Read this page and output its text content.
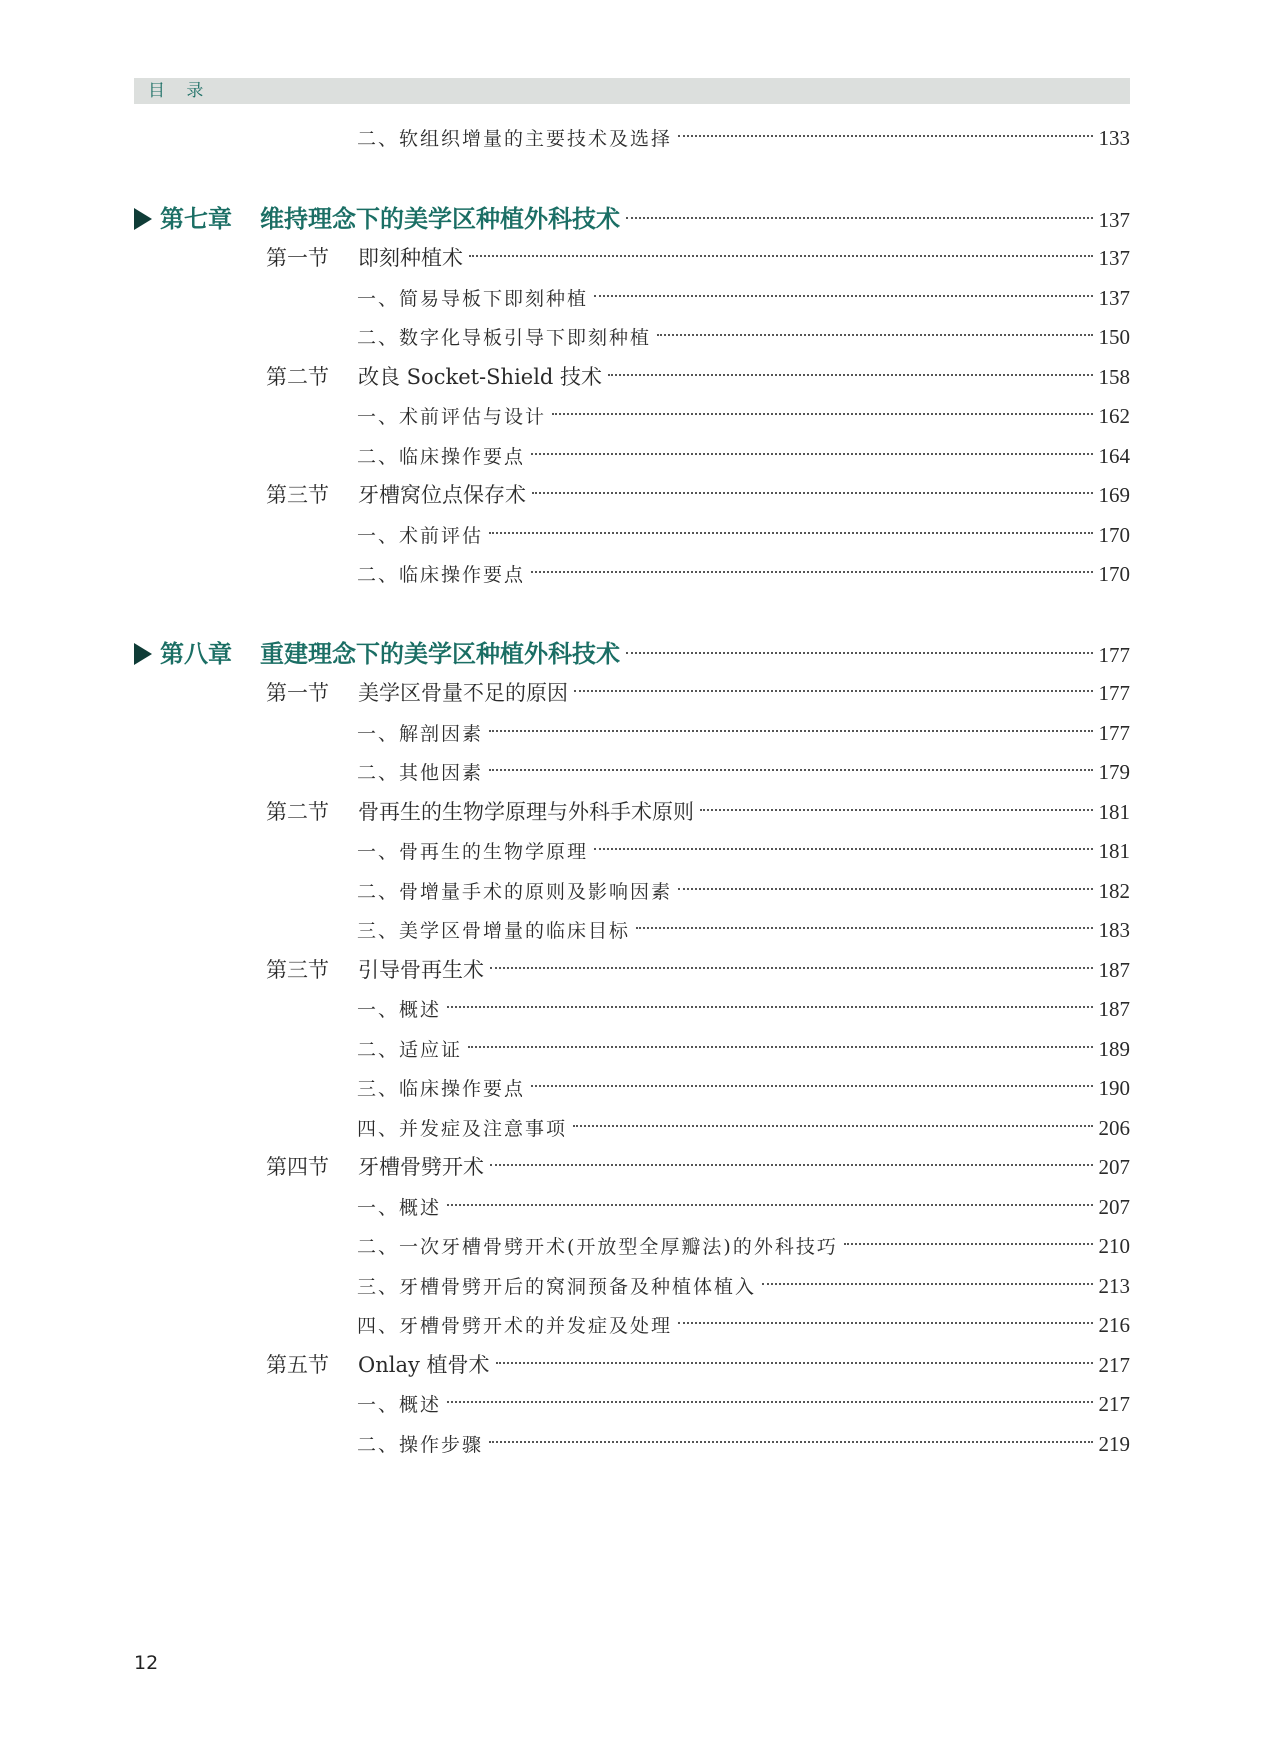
目 录
二、软组织增量的主要技术及选择	133
第七章 维持理念下的美学区种植外科技术	137
第一节 即刻种植术	137
一、简易导板下即刻种植	137
二、数字化导板引导下即刻种植	150
第二节 改良 Socket-Shield 技术	158
一、术前评估与设计	162
二、临床操作要点	164
第三节 牙槽窝位点保存术	169
一、术前评估	170
二、临床操作要点	170
第八章 重建理念下的美学区种植外科技术	177
第一节 美学区骨量不足的原因	177
一、解剖因素	177
二、其他因素	179
第二节 骨再生的生物学原理与外科手术原则	181
一、骨再生的生物学原理	181
二、骨增量手术的原则及影响因素	182
三、美学区骨增量的临床目标	183
第三节 引导骨再生术	187
一、概述	187
二、适应证	189
三、临床操作要点	190
四、并发症及注意事项	206
第四节 牙槽骨劈开术	207
一、概述	207
二、一次牙槽骨劈开术(开放型全厚瓣法)的外科技巧	210
三、牙槽骨劈开后的窝洞预备及种植体植入	213
四、牙槽骨劈开术的并发症及处理	216
第五节 Onlay 植骨术	217
一、概述	217
二、操作步骤	219
12
